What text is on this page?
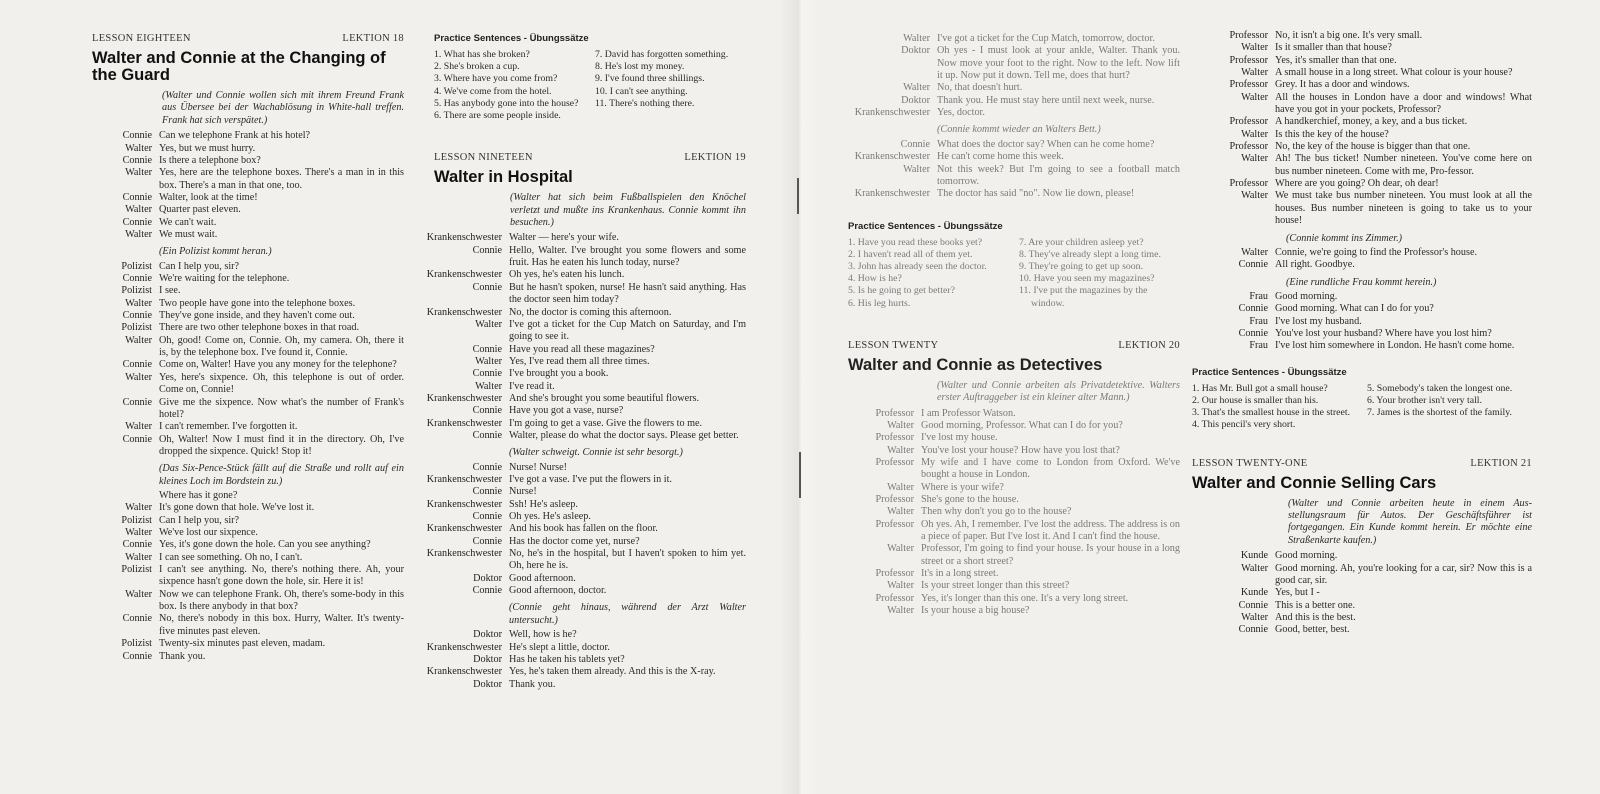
LESSON EIGHTEEN	LEKTION 18
Walter and Connie at the Changing of the Guard
(Walter und Connie wollen sich mit ihrem Freund Frank aus Übersee bei der Wachablösung in White-hall treffen. Frank hat sich verspätet.)
Connie Can we telephone Frank at his hotel?
Walter Yes, but we must hurry.
Connie Is there a telephone box?
Walter Yes, here are the telephone boxes. There's a man in in this box. There's a man in that one, too.
Connie Walter, look at the time!
Walter Quarter past eleven.
Connie We can't wait.
Walter We must wait.
(Ein Polizist kommt heran.)
Polizist Can I help you, sir?
Connie We're waiting for the telephone.
Polizist I see.
Walter Two people have gone into the telephone boxes.
Connie They've gone inside, and they haven't come out.
Polizist There are two other telephone boxes in that road.
Walter Oh, good! Come on, Connie. Oh, my camera. Oh, there it is, by the telephone box. I've found it, Connie.
Connie Come on, Walter! Have you any money for the telephone?
Walter Yes, here's sixpence. Oh, this telephone is out of order. Come on, Connie!
Connie Give me the sixpence. Now what's the number of Frank's hotel?
Walter I can't remember. I've forgotten it.
Connie Oh, Walter! Now I must find it in the directory. Oh, I've dropped the sixpence. Quick! Stop it!
(Das Six-Pence-Stück fällt auf die Straße und rollt auf ein kleines Loch im Bordstein zu.)
Where has it gone?
Walter It's gone down that hole. We've lost it.
Polizist Can I help you, sir?
Walter We've lost our sixpence.
Connie Yes, it's gone down the hole. Can you see anything?
Walter I can see something. Oh no, I can't.
Polizist I can't see anything. No, there's nothing there. Ah, your sixpence hasn't gone down the hole, sir. Here it is!
Walter Now we can telephone Frank. Oh, there's some-body in this box. Is there anybody in that box?
Connie No, there's nobody in this box. Hurry, Walter. It's twenty-five minutes past eleven.
Polizist Twenty-six minutes past eleven, madam.
Connie Thank you.
Practice Sentences - Übungssätze
1. What has she broken?
2. She's broken a cup.
3. Where have you come from?
4. We've come from the hotel.
5. Has anybody gone into the house?
6. There are some people inside.
7. David has forgotten something.
8. He's lost my money.
9. I've found three shillings.
10. I can't see anything.
11. There's nothing there.
LESSON NINETEEN	LEKTION 19
Walter in Hospital
(Walter hat sich beim Fußballspielen den Knöchel verletzt und mußte ins Krankenhaus. Connie kommt ihn besuchen.)
Krankenschwester Walter — here's your wife.
Connie Hello, Walter. I've brought you some flowers and some fruit. Has he eaten his lunch today, nurse?
Krankenschwester Oh yes, he's eaten his lunch.
Connie But he hasn't spoken, nurse! He hasn't said anything. Has the doctor seen him today?
Krankenschwester No, the doctor is coming this afternoon.
Walter I've got a ticket for the Cup Match on Saturday, and I'm going to see it.
Connie Have you read all these magazines?
Walter Yes, I've read them all three times.
Connie I've brought you a book.
Walter I've read it.
Krankenschwester And she's brought you some beautiful flowers.
Connie Have you got a vase, nurse?
Krankenschwester I'm going to get a vase. Give the flowers to me.
Connie Walter, please do what the doctor says. Please get better.
(Walter schweigt. Connie ist sehr besorgt.)
Connie Nurse! Nurse!
Krankenschwester I've got a vase. I've put the flowers in it.
Connie Nurse!
Krankenschwester Ssh! He's asleep.
Connie Oh yes. He's asleep.
Krankenschwester And his book has fallen on the floor.
Connie Has the doctor come yet, nurse?
Krankenschwester No, he's in the hospital, but I haven't spoken to him yet. Oh, here he is.
Doktor Good afternoon.
Connie Good afternoon, doctor.
(Connie geht hinaus, während der Arzt Walter untersucht.)
Doktor Well, how is he?
Krankenschwester He's slept a little, doctor.
Doktor Has he taken his tablets yet?
Krankenschwester Yes, he's taken them already. And this is the X-ray.
Doktor Thank you.
Walter I've got a ticket for the Cup Match, tomorrow, doctor.
Doktor Oh yes - I must look at your ankle, Walter. Thank you. Now move your foot to the right. Now to the left. Now lift it up. Now put it down. Tell me, does that hurt?
Walter No, that doesn't hurt.
Doktor Thank you. He must stay here until next week, nurse.
Krankenschwester Yes, doctor.
(Connie kommt wieder an Walters Bett.)
Connie What does the doctor say? When can he come home?
Krankenschwester He can't come home this week.
Walter Not this week? But I'm going to see a football match tomorrow.
Krankenschwester The doctor has said "no". Now lie down, please!
Practice Sentences - Übungssätze
1. Have you read these books yet?
2. I haven't read all of them yet.
3. John has already seen the doctor.
4. How is he?
5. Is he going to get better?
6. His leg hurts.
7. Are your children asleep yet?
8. They've already slept a long time.
9. They're going to get up soon.
10. Have you seen my magazines?
11. I've put the magazines by the window.
LESSON TWENTY	LEKTION 20
Walter and Connie as Detectives
(Walter und Connie arbeiten als Privatdetektive. Walters erster Auftraggeber ist ein kleiner alter Mann.)
Professor I am Professor Watson.
Walter Good morning, Professor. What can I do for you?
Professor I've lost my house.
Walter You've lost your house? How have you lost that?
Professor My wife and I have come to London from Oxford. We've bought a house in London.
Walter Where is your wife?
Professor She's gone to the house.
Walter Then why don't you go to the house?
Professor Oh yes. Ah, I remember. I've lost the address. The address is on a piece of paper. But I've lost it. And I can't find the house.
Walter Professor, I'm going to find your house. Is your house in a long street or a short street?
Professor It's in a long street.
Walter Is your street longer than this street?
Professor Yes, it's longer than this one. It's a very long street.
Walter Is your house a big house?
Professor No, it isn't a big one. It's very small.
Walter Is it smaller than that house?
Professor Yes, it's smaller than that one.
Walter A small house in a long street. What colour is your house?
Professor Grey. It has a door and windows.
Walter All the houses in London have a door and windows! What have you got in your pockets, Professor?
Professor A handkerchief, money, a key, and a bus ticket.
Walter Is this the key of the house?
Professor No, the key of the house is bigger than that one.
Walter Ah! The bus ticket! Number nineteen. You've come here on bus number nineteen. Come with me, Pro-fessor.
Professor Where are you going? Oh dear, oh dear!
Walter We must take bus number nineteen. You must look at all the houses. Bus number nineteen is going to take us to your house!
(Connie kommt ins Zimmer.)
Walter Connie, we're going to find the Professor's house.
Connie All right. Goodbye.
(Eine rundliche Frau kommt herein.)
Frau Good morning.
Connie Good morning. What can I do for you?
Frau I've lost my husband.
Connie You've lost your husband? Where have you lost him?
Frau I've lost him somewhere in London. He hasn't come home.
Practice Sentences - Übungssätze
1. Has Mr. Bull got a small house?
2. Our house is smaller than his.
3. That's the smallest house in the street.
4. This pencil's very short.
5. Somebody's taken the longest one.
6. Your brother isn't very tall.
7. James is the shortest of the family.
LESSON TWENTY-ONE	LEKTION 21
Walter and Connie Selling Cars
(Walter und Connie arbeiten heute in einem Aus-stellungsraum für Autos. Der Geschäftsführer ist fortgegangen. Ein Kunde kommt herein. Er möchte eine Straßenkarte kaufen.)
Kunde Good morning.
Walter Good morning. Ah, you're looking for a car, sir? Now this is a good car, sir.
Kunde Yes, but I -
Connie This is a better one.
Walter And this is the best.
Connie Good, better, best.
